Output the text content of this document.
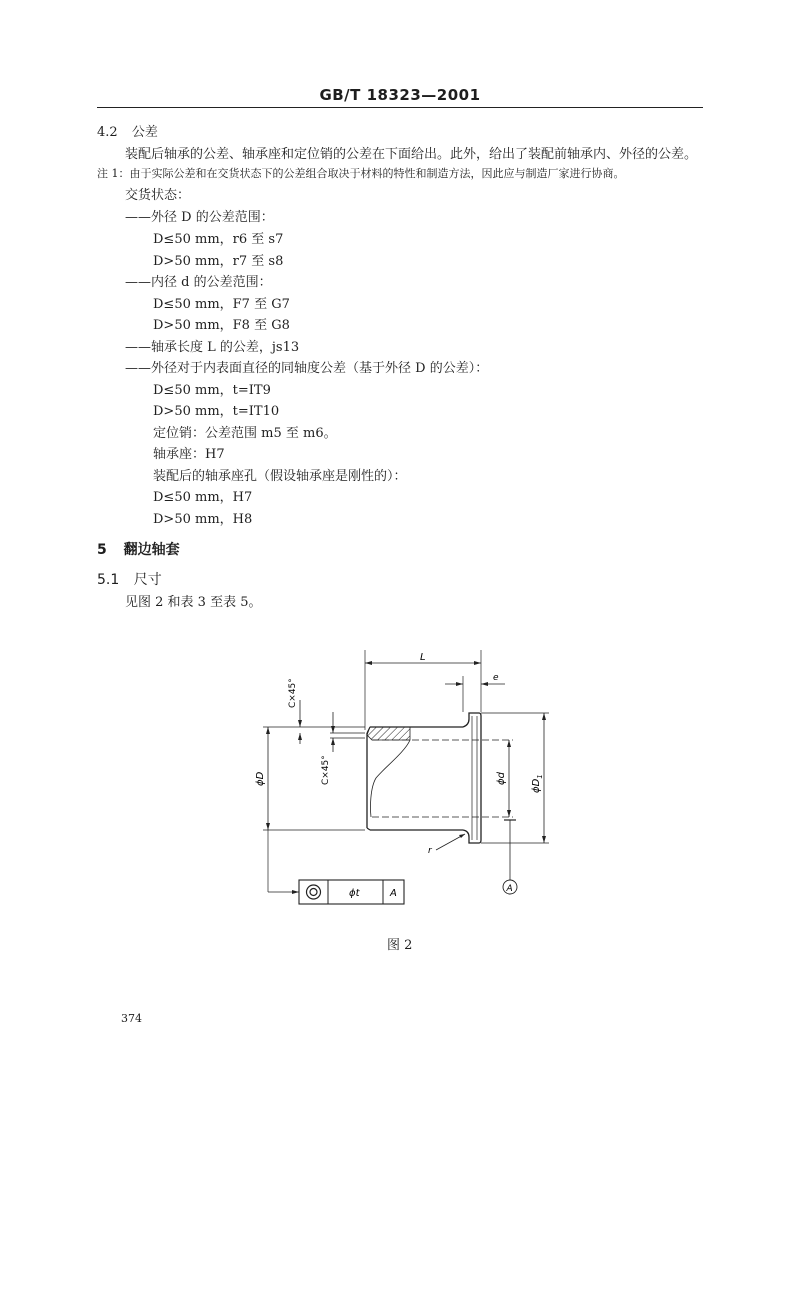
GB/T 18323—2001
4.2 公差
装配后轴承的公差、轴承座和定位销的公差在下面给出。此外，给出了装配前轴承内、外径的公差。
注 1：由于实际公差和在交货状态下的公差组合取决于材料的特性和制造方法，因此应与制造厂家进行协商。
交货状态：
——外径 D 的公差范围：
D≤50 mm，r6 至 s7
D>50 mm，r7 至 s8
——内径 d 的公差范围：
D≤50 mm，F7 至 G7
D>50 mm，F8 至 G8
——轴承长度 L 的公差，js13
——外径对于内表面直径的同轴度公差（基于外径 D 的公差）：
D≤50 mm，t=IT9
D>50 mm，t=IT10
定位销：公差范围 m5 至 m6。
轴承座：H7
装配后的轴承座孔（假设轴承座是刚性的）：
D≤50 mm，H7
D>50 mm，H8
5 翻边轴套
5.1 尺寸
见图 2 和表 3 至表 5。
L
e
ϕD
C×45°
C×45°	ϕd
$\phi D_1$
A
r
ϕt	A
图 2
374
